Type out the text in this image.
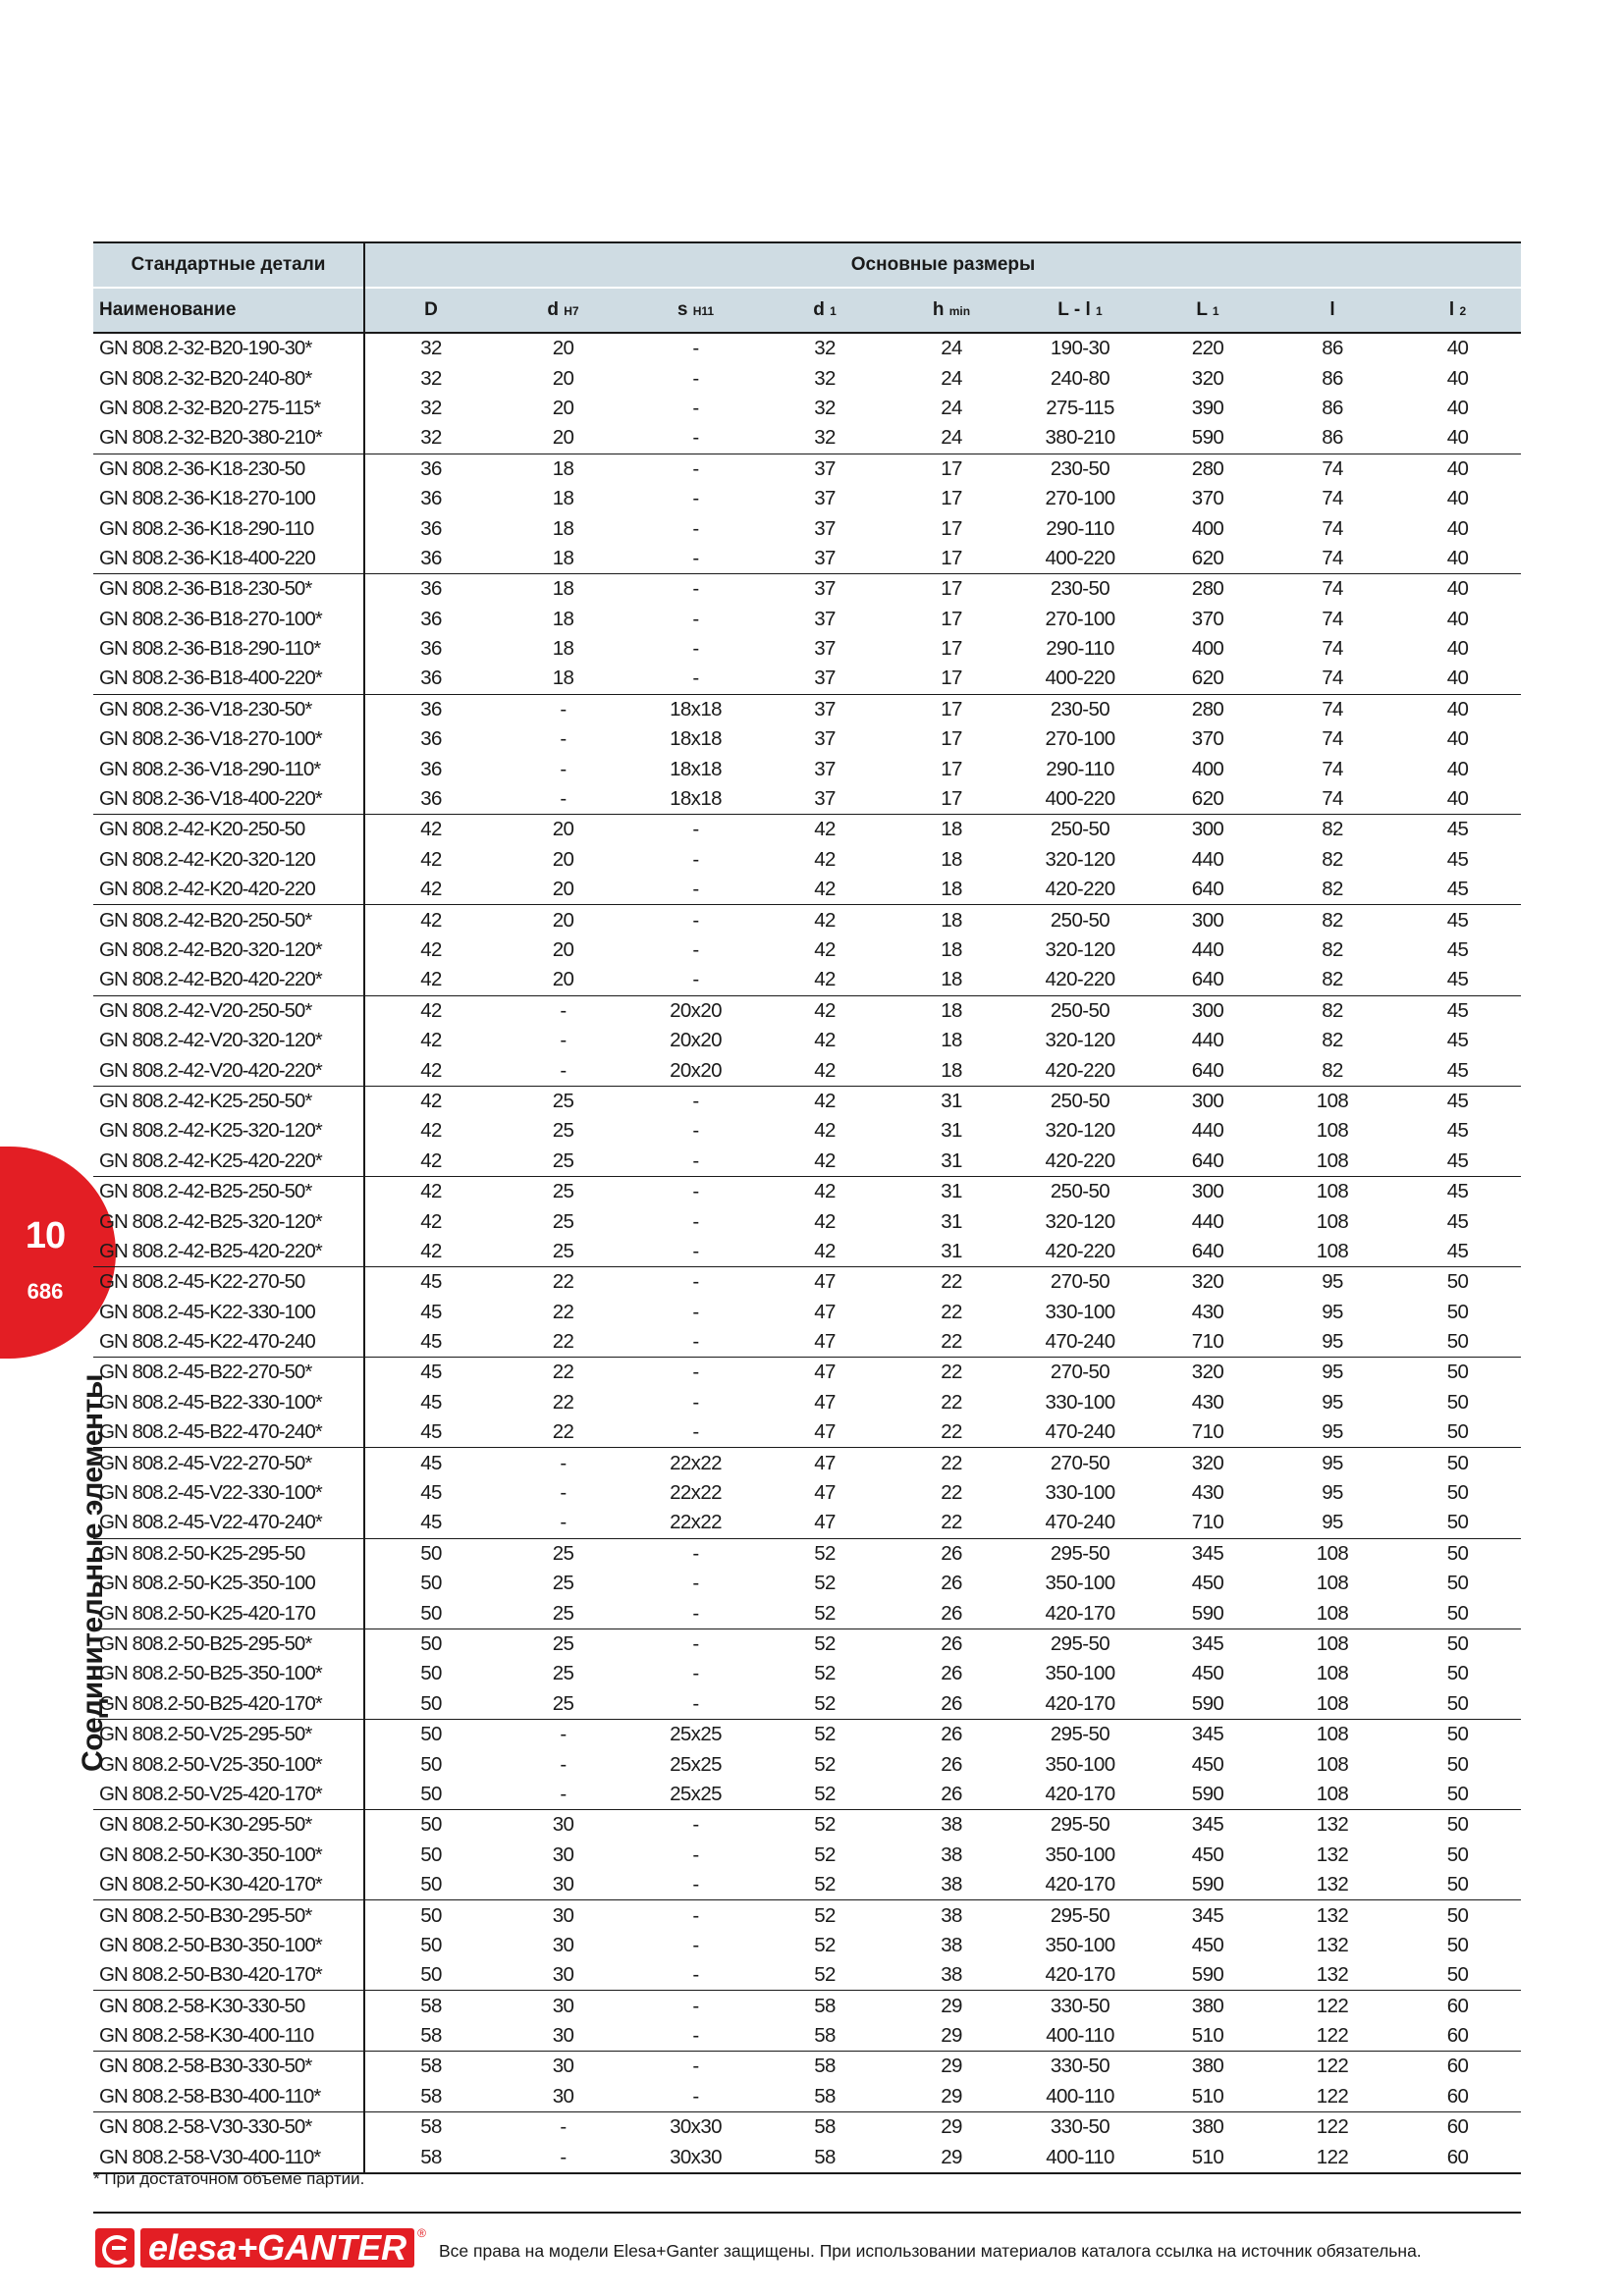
10
686
Соединительные элементы
Стандартные детали	Основные размеры								
Наименование	D	d H7	s H11	d 1	h min	L - l 1	L 1	l	l 2
GN 808.2-32-B20-190-30*	32	20	-	32	24	190-30	220	86	40
GN 808.2-32-B20-240-80*	32	20	-	32	24	240-80	320	86	40
GN 808.2-32-B20-275-115*	32	20	-	32	24	275-115	390	86	40
GN 808.2-32-B20-380-210*	32	20	-	32	24	380-210	590	86	40
GN 808.2-36-K18-230-50	36	18	-	37	17	230-50	280	74	40
GN 808.2-36-K18-270-100	36	18	-	37	17	270-100	370	74	40
GN 808.2-36-K18-290-110	36	18	-	37	17	290-110	400	74	40
GN 808.2-36-K18-400-220	36	18	-	37	17	400-220	620	74	40
GN 808.2-36-B18-230-50*	36	18	-	37	17	230-50	280	74	40
GN 808.2-36-B18-270-100*	36	18	-	37	17	270-100	370	74	40
GN 808.2-36-B18-290-110*	36	18	-	37	17	290-110	400	74	40
GN 808.2-36-B18-400-220*	36	18	-	37	17	400-220	620	74	40
GN 808.2-36-V18-230-50*	36	-	18x18	37	17	230-50	280	74	40
GN 808.2-36-V18-270-100*	36	-	18x18	37	17	270-100	370	74	40
GN 808.2-36-V18-290-110*	36	-	18x18	37	17	290-110	400	74	40
GN 808.2-36-V18-400-220*	36	-	18x18	37	17	400-220	620	74	40
GN 808.2-42-K20-250-50	42	20	-	42	18	250-50	300	82	45
GN 808.2-42-K20-320-120	42	20	-	42	18	320-120	440	82	45
GN 808.2-42-K20-420-220	42	20	-	42	18	420-220	640	82	45
GN 808.2-42-B20-250-50*	42	20	-	42	18	250-50	300	82	45
GN 808.2-42-B20-320-120*	42	20	-	42	18	320-120	440	82	45
GN 808.2-42-B20-420-220*	42	20	-	42	18	420-220	640	82	45
GN 808.2-42-V20-250-50*	42	-	20x20	42	18	250-50	300	82	45
GN 808.2-42-V20-320-120*	42	-	20x20	42	18	320-120	440	82	45
GN 808.2-42-V20-420-220*	42	-	20x20	42	18	420-220	640	82	45
GN 808.2-42-K25-250-50*	42	25	-	42	31	250-50	300	108	45
GN 808.2-42-K25-320-120*	42	25	-	42	31	320-120	440	108	45
GN 808.2-42-K25-420-220*	42	25	-	42	31	420-220	640	108	45
GN 808.2-42-B25-250-50*	42	25	-	42	31	250-50	300	108	45
GN 808.2-42-B25-320-120*	42	25	-	42	31	320-120	440	108	45
GN 808.2-42-B25-420-220*	42	25	-	42	31	420-220	640	108	45
GN 808.2-45-K22-270-50	45	22	-	47	22	270-50	320	95	50
GN 808.2-45-K22-330-100	45	22	-	47	22	330-100	430	95	50
GN 808.2-45-K22-470-240	45	22	-	47	22	470-240	710	95	50
GN 808.2-45-B22-270-50*	45	22	-	47	22	270-50	320	95	50
GN 808.2-45-B22-330-100*	45	22	-	47	22	330-100	430	95	50
GN 808.2-45-B22-470-240*	45	22	-	47	22	470-240	710	95	50
GN 808.2-45-V22-270-50*	45	-	22x22	47	22	270-50	320	95	50
GN 808.2-45-V22-330-100*	45	-	22x22	47	22	330-100	430	95	50
GN 808.2-45-V22-470-240*	45	-	22x22	47	22	470-240	710	95	50
GN 808.2-50-K25-295-50	50	25	-	52	26	295-50	345	108	50
GN 808.2-50-K25-350-100	50	25	-	52	26	350-100	450	108	50
GN 808.2-50-K25-420-170	50	25	-	52	26	420-170	590	108	50
GN 808.2-50-B25-295-50*	50	25	-	52	26	295-50	345	108	50
GN 808.2-50-B25-350-100*	50	25	-	52	26	350-100	450	108	50
GN 808.2-50-B25-420-170*	50	25	-	52	26	420-170	590	108	50
GN 808.2-50-V25-295-50*	50	-	25x25	52	26	295-50	345	108	50
GN 808.2-50-V25-350-100*	50	-	25x25	52	26	350-100	450	108	50
GN 808.2-50-V25-420-170*	50	-	25x25	52	26	420-170	590	108	50
GN 808.2-50-K30-295-50*	50	30	-	52	38	295-50	345	132	50
GN 808.2-50-K30-350-100*	50	30	-	52	38	350-100	450	132	50
GN 808.2-50-K30-420-170*	50	30	-	52	38	420-170	590	132	50
GN 808.2-50-B30-295-50*	50	30	-	52	38	295-50	345	132	50
GN 808.2-50-B30-350-100*	50	30	-	52	38	350-100	450	132	50
GN 808.2-50-B30-420-170*	50	30	-	52	38	420-170	590	132	50
GN 808.2-58-K30-330-50	58	30	-	58	29	330-50	380	122	60
GN 808.2-58-K30-400-110	58	30	-	58	29	400-110	510	122	60
GN 808.2-58-B30-330-50*	58	30	-	58	29	330-50	380	122	60
GN 808.2-58-B30-400-110*	58	30	-	58	29	400-110	510	122	60
GN 808.2-58-V30-330-50*	58	-	30x30	58	29	330-50	380	122	60
GN 808.2-58-V30-400-110*	58	-	30x30	58	29	400-110	510	122	60
* При достаточном объеме партии.
elesa+GANTER ®
Все права на модели Elesa+Ganter защищены. При использовании материалов каталога ссылка на источник обязательна.
